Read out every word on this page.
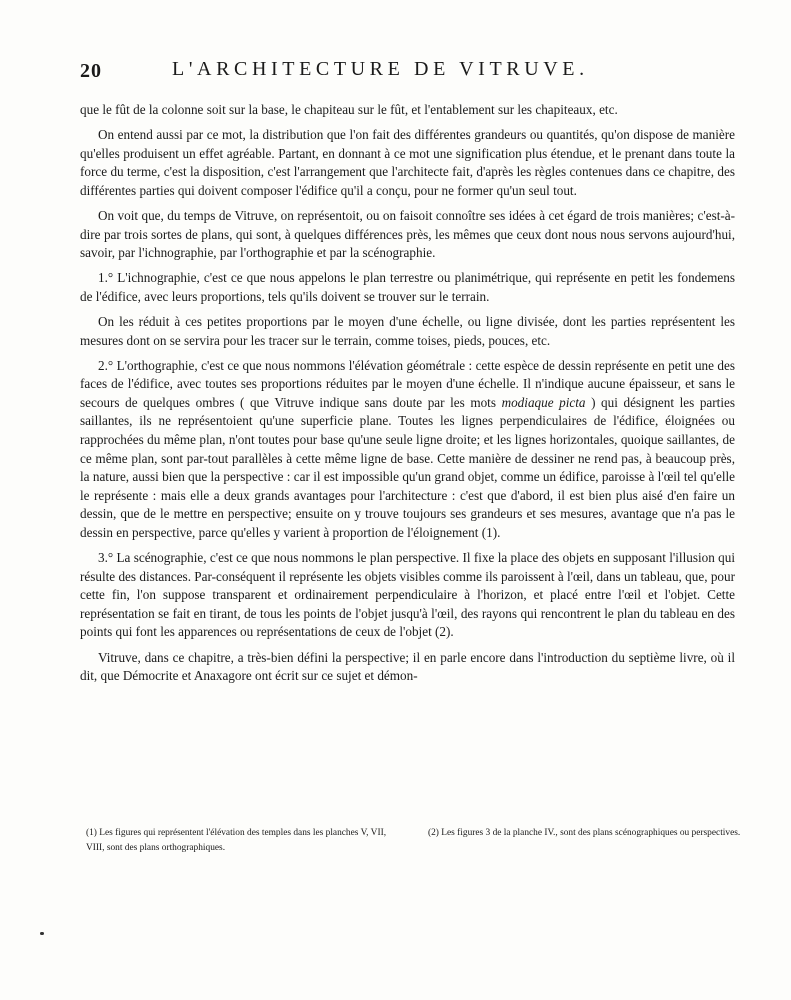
20	L'ARCHITECTURE DE VITRUVE.

que le fût de la colonne soit sur la base, le chapiteau sur le fût, et l'entablement sur les chapiteaux, etc.

On entend aussi par ce mot, la distribution que l'on fait des différentes grandeurs ou quantités, qu'on dispose de manière qu'elles produisent un effet agréable. Partant, en donnant à ce mot une signification plus étendue, et le prenant dans toute la force du terme, c'est la disposition, c'est l'arrangement que l'architecte fait, d'après les règles contenues dans ce chapitre, des différentes parties qui doivent composer l'édifice qu'il a conçu, pour ne former qu'un seul tout.

On voit que, du temps de Vitruve, on représentoit, ou on faisoit connoître ses idées à cet égard de trois manières; c'est-à-dire par trois sortes de plans, qui sont, à quelques différences près, les mêmes que ceux dont nous nous servons aujourd'hui, savoir, par l'ichnographie, par l'orthographie et par la scénographie.

1.° L'ichnographie, c'est ce que nous appelons le plan terrestre ou planimétrique, qui représente en petit les fondemens de l'édifice, avec leurs proportions, tels qu'ils doivent se trouver sur le terrain.

On les réduit à ces petites proportions par le moyen d'une échelle, ou ligne divisée, dont les parties représentent les mesures dont on se servira pour les tracer sur le terrain, comme toises, pieds, pouces, etc.

2.° L'orthographie, c'est ce que nous nommons l'élévation géométrale : cette espèce de dessin représente en petit une des faces de l'édifice, avec toutes ses proportions réduites par le moyen d'une échelle. Il n'indique aucune épaisseur, et sans le secours de quelques ombres ( que Vitruve indique sans doute par les mots modiaque picta ) qui désignent les parties saillantes, ils ne représentoient qu'une superficie plane. Toutes les lignes perpendiculaires de l'édifice, éloignées ou rapprochées du même plan, n'ont toutes pour base qu'une seule ligne droite; et les lignes horizontales, quoique saillantes, de ce même plan, sont par-tout parallèles à cette même ligne de base. Cette manière de dessiner ne rend pas, à beaucoup près, la nature, aussi bien que la perspective : car il est impossible qu'un grand objet, comme un édifice, paroisse à l'œil tel qu'elle le représente : mais elle a deux grands avantages pour l'architecture : c'est que d'abord, il est bien plus aisé d'en faire un dessin, que de le mettre en perspective; ensuite on y trouve toujours ses grandeurs et ses mesures, avantage que n'a pas le dessin en perspective, parce qu'elles y varient à proportion de l'éloignement (1).

3.° La scénographie, c'est ce que nous nommons le plan perspective. Il fixe la place des objets en supposant l'illusion qui résulte des distances. Par-conséquent il représente les objets visibles comme ils paroissent à l'œil, dans un tableau, que, pour cette fin, l'on suppose transparent et ordinairement perpendiculaire à l'horizon, et placé entre l'œil et l'objet. Cette représentation se fait en tirant, de tous les points de l'objet jusqu'à l'œil, des rayons qui rencontrent le plan du tableau en des points qui font les apparences ou représentations de ceux de l'objet (2).

Vitruve, dans ce chapitre, a très-bien défini la perspective; il en parle encore dans l'introduction du septième livre, où il dit, que Démocrite et Anaxagore ont écrit sur ce sujet et démon-

(1) Les figures qui représentent l'élévation des temples dans les planches V, VII, VIII, sont des plans orthographiques.
(2) Les figures 3 de la planche IV., sont des plans scénographiques ou perspectives.
